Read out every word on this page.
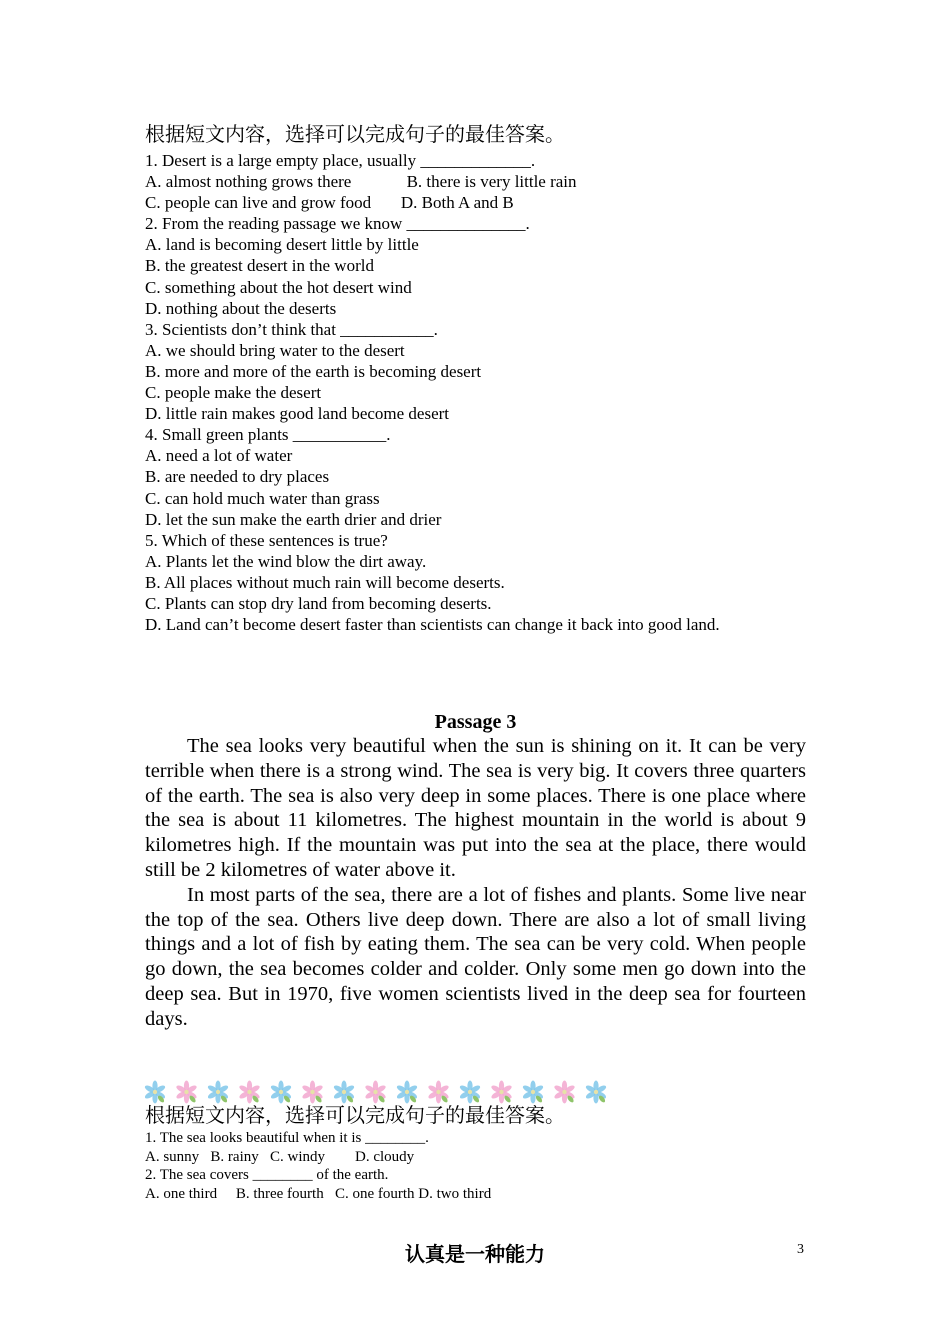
根据短文内容，选择可以完成句子的最佳答案。
1. Desert is a large empty place, usually _____________.
A. almost nothing grows there             B. there is very little rain
C. people can live and grow food       D. Both A and B
2. From the reading passage we know ______________.
A. land is becoming desert little by little
B. the greatest desert in the world
C. something about the hot desert wind
D. nothing about the deserts
3. Scientists don’t think that ___________.
A. we should bring water to the desert
B. more and more of the earth is becoming desert
C. people make the desert
D. little rain makes good land become desert
4. Small green plants ___________.
A. need a lot of water
B. are needed to dry places
C. can hold much water than grass
D. let the sun make the earth drier and drier
5. Which of these sentences is true?
A. Plants let the wind blow the dirt away.
B. All places without much rain will become deserts.
C. Plants can stop dry land from becoming deserts.
D. Land can’t become desert faster than scientists can change it back into good land.
Passage 3

The sea looks very beautiful when the sun is shining on it. It can be very terrible when there is a strong wind. The sea is very big. It covers three quarters of the earth. The sea is also very deep in some places. There is one place where the sea is about 11 kilometres. The highest mountain in the world is about 9 kilometres high. If the mountain was put into the sea at the place, there would still be 2 kilometres of water above it.

In most parts of the sea, there are a lot of fishes and plants. Some live near the top of the sea. Others live deep down. There are also a lot of small living things and a lot of fish by eating them. The sea can be very cold. When people go down, the sea becomes colder and colder. Only some men go down into the deep sea. But in 1970, five women scientists lived in the deep sea for fourteen days.

根据短文内容，选择可以完成句子的最佳答案。
1. The sea looks beautiful when it is ________.
A. sunny   B. rainy   C. windy        D. cloudy
2. The sea covers ________ of the earth.
A. one third     B. three fourth   C. one fourth D. two third
认真是一种能力	3
